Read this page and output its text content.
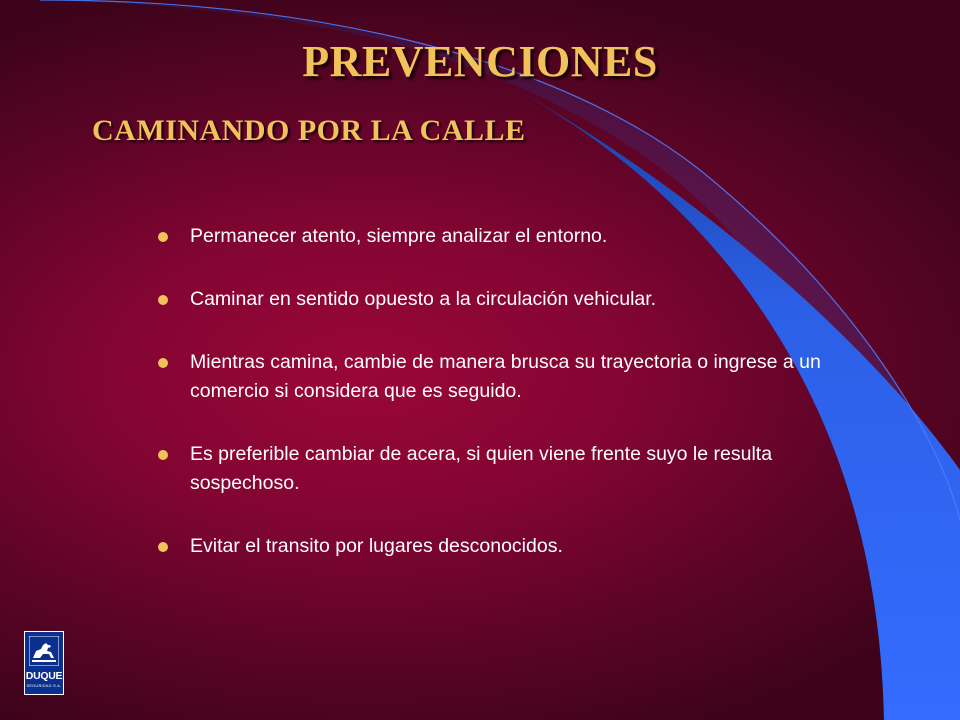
PREVENCIONES
CAMINANDO POR LA CALLE
Permanecer atento, siempre analizar el entorno.
Caminar en sentido opuesto a la circulación vehicular.
Mientras camina, cambie de manera brusca su trayectoria o ingrese a un comercio si considera que es seguido.
Es preferible cambiar de acera, si quien viene frente suyo le resulta sospechoso.
Evitar el transito por lugares desconocidos.
DUQUE
SEGURIDAD S.A.
